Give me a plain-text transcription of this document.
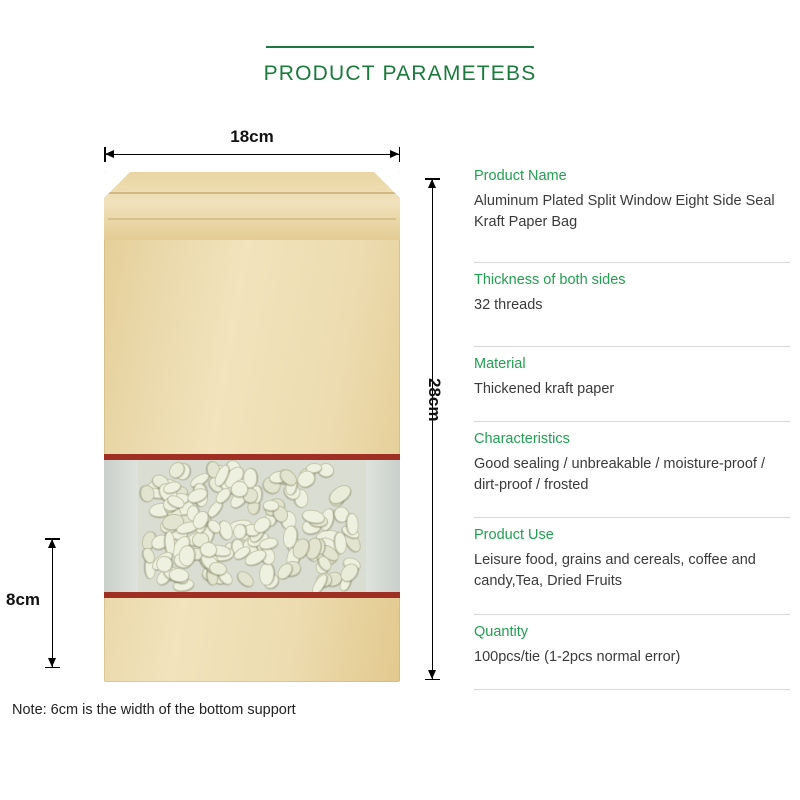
PRODUCT PARAMETEBS
18cm
8cm
28cm
Note: 6cm is the width of the bottom support
Product Name
Aluminum Plated Split Window Eight Side Seal Kraft Paper Bag
Thickness of both sides
32 threads
Material
Thickened kraft paper
Characteristics
Good sealing / unbreakable / moisture-proof / dirt-proof / frosted
Product Use
Leisure food, grains and cereals, coffee and candy,Tea, Dried Fruits
Quantity
100pcs/tie (1-2pcs normal error)
